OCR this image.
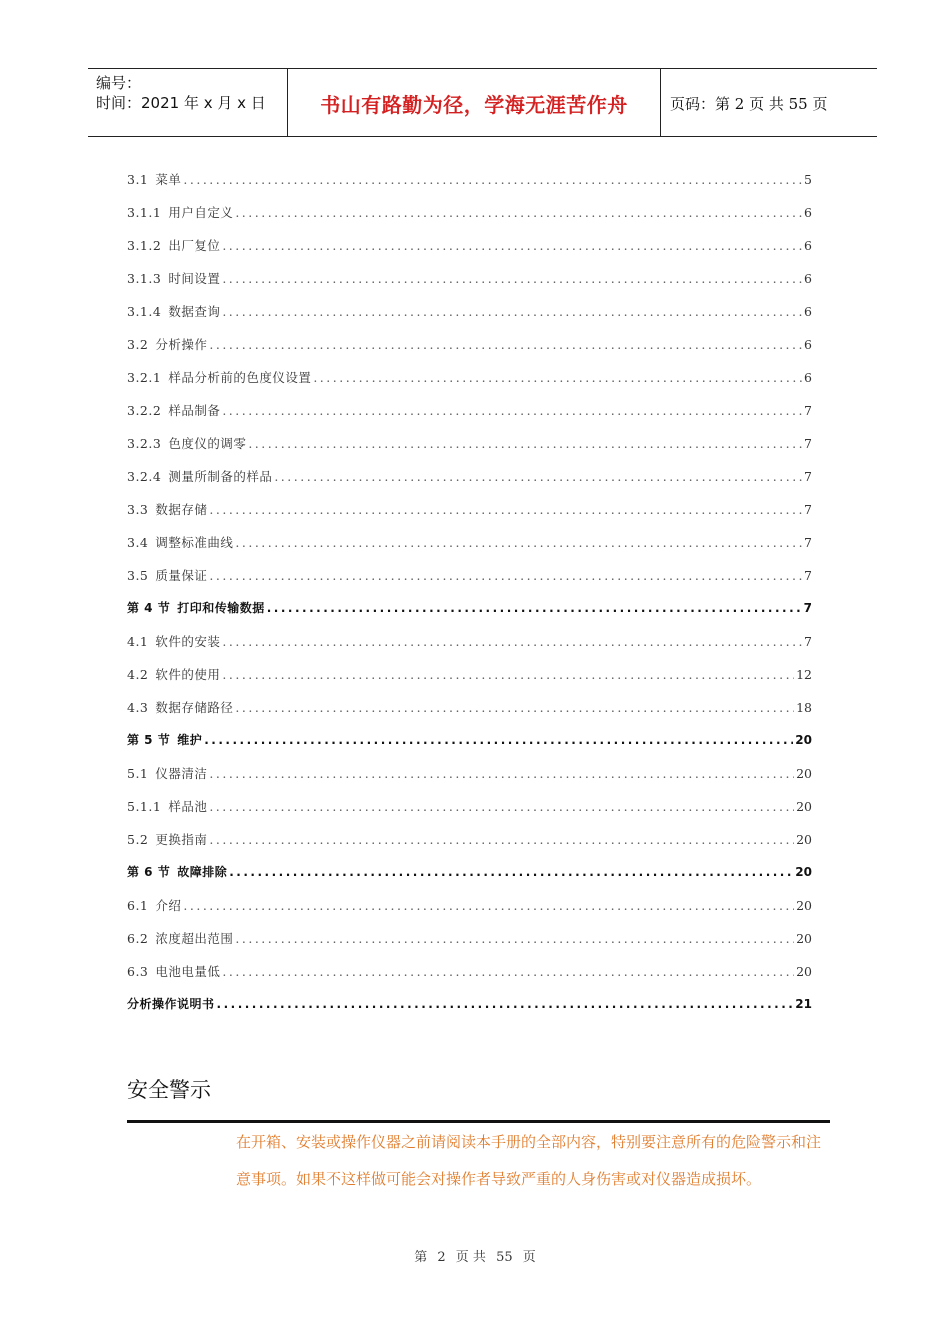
编号：
时间：2021 年 x 月 x 日	书山有路勤为径，学海无涯苦作舟	页码：第 2 页 共 55 页
3.1 菜单 .....	5
3.1.1 用户自定义 .....	6
3.1.2 出厂复位 .....	6
3.1.3 时间设置 .....	6
3.1.4 数据查询 .....	6
3.2 分析操作 .....	6
3.2.1 样品分析前的色度仪设置 .....	6
3.2.2 样品制备 .....	7
3.2.3 色度仪的调零 .....	7
3.2.4 测量所制备的样品 .....	7
3.3 数据存储 .....	7
3.4 调整标准曲线 .....	7
3.5 质量保证 .....	7
第 4 节 打印和传输数据 .....	7
4.1 软件的安装 .....	7
4.2 软件的使用 .....	12
4.3 数据存储路径 .....	18
第 5 节 维护 .....	20
5.1 仪器清洁 .....	20
5.1.1 样品池 .....	20
5.2 更换指南 .....	20
第 6 节 故障排除 .....	20
6.1 介绍 .....	20
6.2 浓度超出范围 .....	20
6.3 电池电量低 .....	20
分析操作说明书 .....	21
安全警示
在开箱、安装或操作仪器之前请阅读本手册的全部内容，特别要注意所有的危险警示和注意事项。如果不这样做可能会对操作者导致严重的人身伤害或对仪器造成损坏。
第 2 页 共 55 页
